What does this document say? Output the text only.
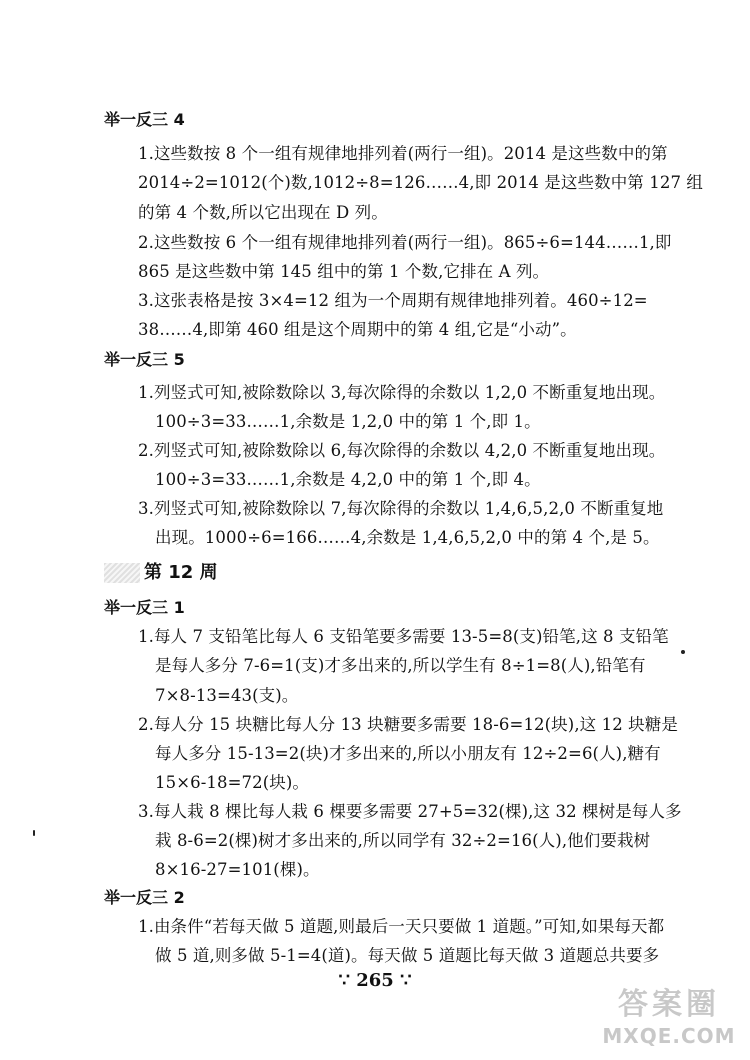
举一反三 4
1.这些数按 8 个一组有规律地排列着(两行一组)。2014 是这些数中的第
2014÷2=1012(个)数,1012÷8=126……4,即 2014 是这些数中第 127 组
的第 4 个数,所以它出现在 D 列。
2.这些数按 6 个一组有规律地排列着(两行一组)。865÷6=144……1,即
865 是这些数中第 145 组中的第 1 个数,它排在 A 列。
3.这张表格是按 3×4=12 组为一个周期有规律地排列着。460÷12=
38……4,即第 460 组是这个周期中的第 4 组,它是“小动”。
举一反三 5
1.列竖式可知,被除数除以 3,每次除得的余数以 1,2,0 不断重复地出现。
100÷3=33……1,余数是 1,2,0 中的第 1 个,即 1。
2.列竖式可知,被除数除以 6,每次除得的余数以 4,2,0 不断重复地出现。
100÷3=33……1,余数是 4,2,0 中的第 1 个,即 4。
3.列竖式可知,被除数除以 7,每次除得的余数以 1,4,6,5,2,0 不断重复地
出现。1000÷6=166……4,余数是 1,4,6,5,2,0 中的第 4 个,是 5。
第 12 周
举一反三 1
1.每人 7 支铅笔比每人 6 支铅笔要多需要 13-5=8(支)铅笔,这 8 支铅笔
是每人多分 7-6=1(支)才多出来的,所以学生有 8÷1=8(人),铅笔有
7×8-13=43(支)。
2.每人分 15 块糖比每人分 13 块糖要多需要 18-6=12(块),这 12 块糖是
每人多分 15-13=2(块)才多出来的,所以小朋友有 12÷2=6(人),糖有
15×6-18=72(块)。
3.每人栽 8 棵比每人栽 6 棵要多需要 27+5=32(棵),这 32 棵树是每人多
栽 8-6=2(棵)树才多出来的,所以同学有 32÷2=16(人),他们要栽树
8×16-27=101(棵)。
举一反三 2
1.由条件“若每天做 5 道题,则最后一天只要做 1 道题。”可知,如果每天都
做 5 道,则多做 5-1=4(道)。每天做 5 道题比每天做 3 道题总共要多
∵ 265 ∵
答案圈
MXQE.COM
